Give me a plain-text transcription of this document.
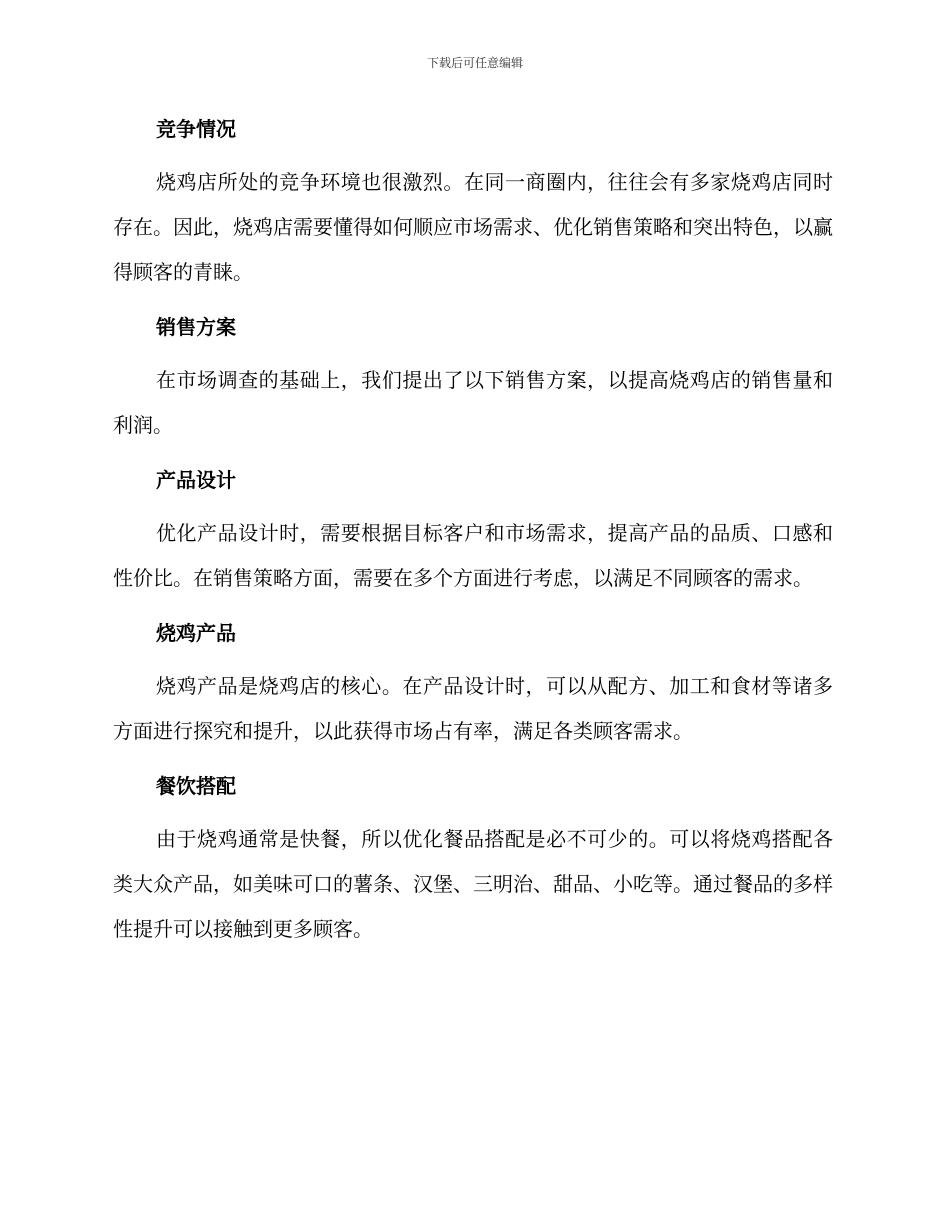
下载后可任意编辑
竞争情况

烧鸡店所处的竞争环境也很激烈。在同一商圈内，往往会有多家烧鸡店同时存在。因此，烧鸡店需要懂得如何顺应市场需求、优化销售策略和突出特色，以赢得顾客的青睐。

销售方案

在市场调查的基础上，我们提出了以下销售方案，以提高烧鸡店的销售量和利润。

产品设计

优化产品设计时，需要根据目标客户和市场需求，提高产品的品质、口感和性价比。在销售策略方面，需要在多个方面进行考虑，以满足不同顾客的需求。

烧鸡产品

烧鸡产品是烧鸡店的核心。在产品设计时，可以从配方、加工和食材等诸多方面进行探究和提升，以此获得市场占有率，满足各类顾客需求。

餐饮搭配

由于烧鸡通常是快餐，所以优化餐品搭配是必不可少的。可以将烧鸡搭配各类大众产品，如美味可口的薯条、汉堡、三明治、甜品、小吃等。通过餐品的多样性提升可以接触到更多顾客。
